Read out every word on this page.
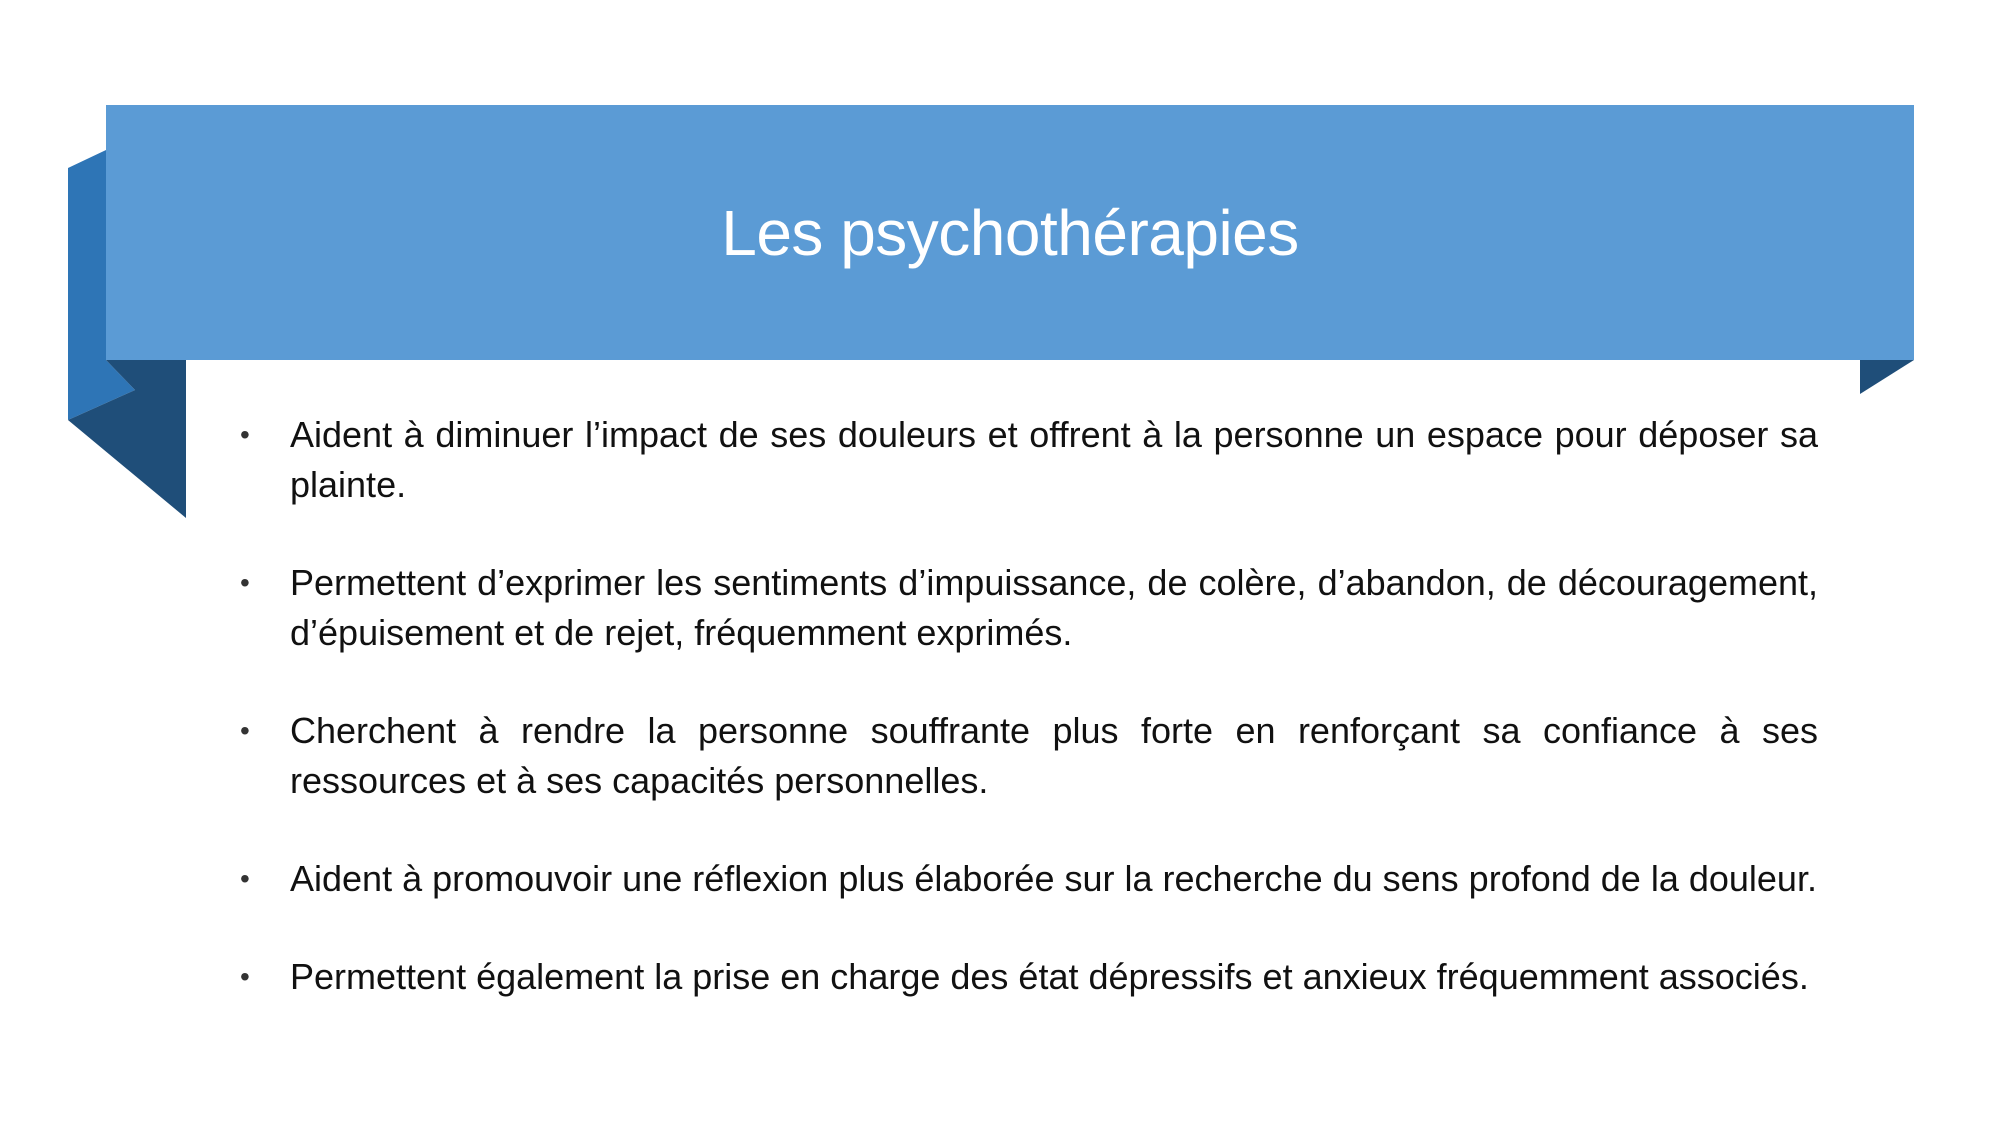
Les psychothérapies
• Aident à diminuer l’impact de ses douleurs et offrent à la personne un espace pour déposer sa plainte.
• Permettent d’exprimer les sentiments d’impuissance, de colère, d’abandon, de découragement, d’épuisement et de rejet, fréquemment exprimés.
• Cherchent à rendre la personne souffrante plus forte en renforçant sa confiance à ses ressources et à ses capacités personnelles.
• Aident à promouvoir une réflexion plus élaborée sur la recherche du sens profond de la douleur.
• Permettent également la prise en charge des état dépressifs et anxieux fréquemment associés.
